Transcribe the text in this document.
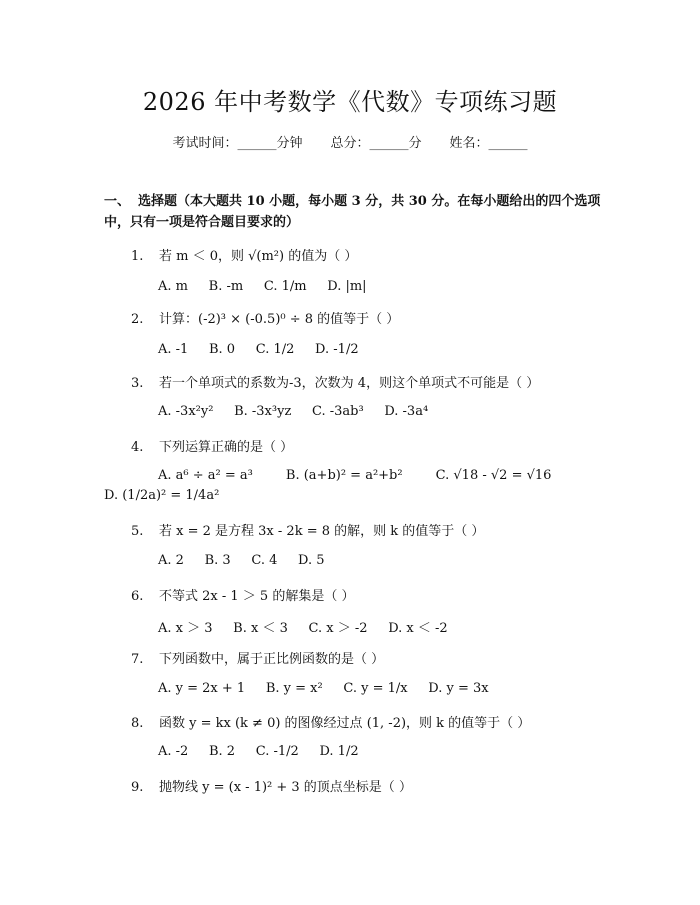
2026 年中考数学《代数》专项练习题
考试时间：______分钟 总分：______分 姓名：______
一、 选择题（本大题共 10 小题，每小题 3 分，共 30 分。在每小题给出的四个选项中，只有一项是符合题目要求的）
1. 若 m ＜ 0，则 √(m²) 的值为（ ）
A. m     B. -m     C. 1/m     D. |m|
2. 计算：(-2)³ × (-0.5)⁰ ÷ 8 的值等于（ ）
A. -1     B. 0     C. 1/2     D. -1/2
3. 若一个单项式的系数为-3，次数为 4，则这个单项式不可能是（ ）
A. -3x²y²     B. -3x³yz     C. -3ab³     D. -3a⁴
4. 下列运算正确的是（ ）
A. a⁶ ÷ a² = a³        B. (a+b)² = a²+b²        C. √18 - √2 = √16
D. (1/2a)² = 1/4a²
5. 若 x = 2 是方程 3x - 2k = 8 的解，则 k 的值等于（ ）
A. 2     B. 3     C. 4     D. 5
6. 不等式 2x - 1 ＞ 5 的解集是（ ）
A. x ＞ 3     B. x ＜ 3     C. x ＞ -2     D. x ＜ -2
7. 下列函数中，属于正比例函数的是（ ）
A. y = 2x + 1     B. y = x²     C. y = 1/x     D. y = 3x
8. 函数 y = kx (k ≠ 0) 的图像经过点 (1, -2)，则 k 的值等于（ ）
A. -2     B. 2     C. -1/2     D. 1/2
9. 抛物线 y = (x - 1)² + 3 的顶点坐标是（ ）
